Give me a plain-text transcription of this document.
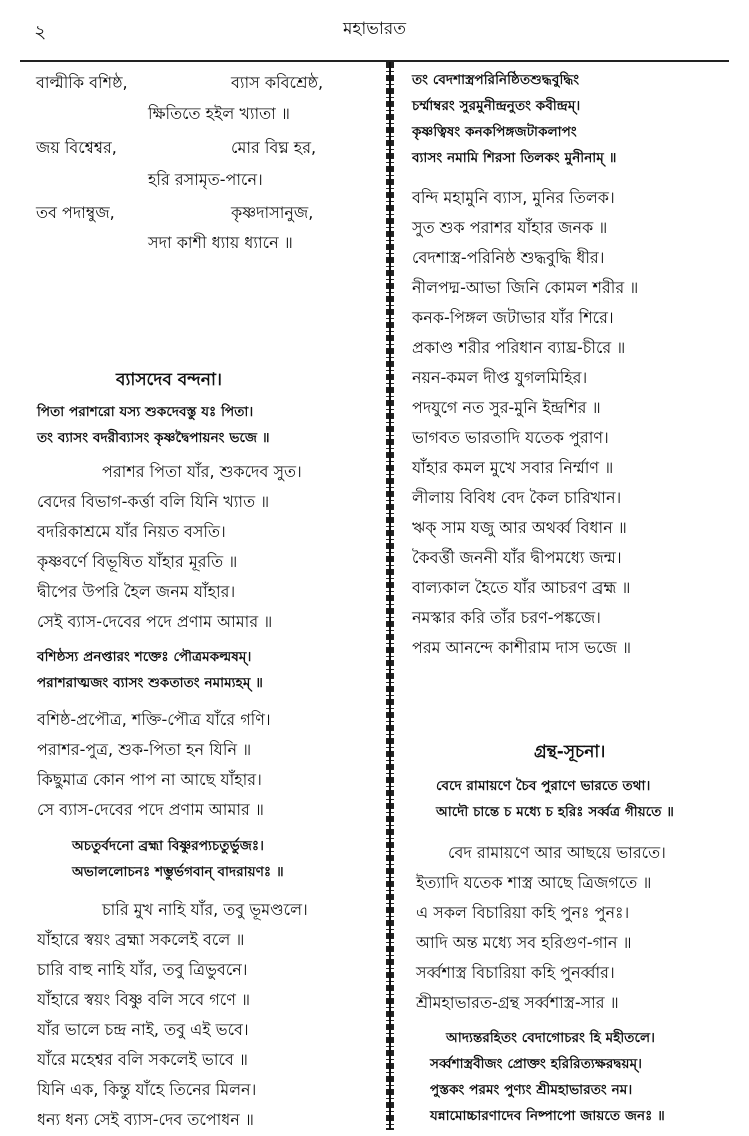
২	মহাভারত
বাল্মীকি বশিষ্ঠ,	ব্যাস কবিশ্রেষ্ঠ,
ক্ষিতিতে হইল খ্যাতা ॥
জয় বিশ্বেশ্বর,	মোর বিঘ্ন হর,
হরি রসামৃত-পানে।
তব পদাম্বুজ,	কৃষ্ণদাসানুজ,
সদা কাশী ধ্যায় ধ্যানে ॥
ব্যাসদেব বন্দনা।
পিতা পরাশরো যস্য শুকদেবস্তু যঃ পিতা।
তং ব্যাসং বদরীব্যাসং কৃষ্ণদ্বৈপায়নং ভজে ॥
পরাশর পিতা যাঁর, শুকদেব সুত।
বেদের বিভাগ-কর্ত্তা বলি যিনি খ্যাত ॥
বদরিকাশ্রমে যাঁর নিয়ত বসতি।
কৃষ্ণবর্ণে বিভূষিত যাঁহার মূরতি ॥
দ্বীপের উপরি হৈল জনম যাঁহার।
সেই ব্যাস-দেবের পদে প্রণাম আমার ॥
বশিষ্ঠস্য প্রনপ্তারং শক্তেঃ পৌত্রমকল্মষম্।
পরাশরাত্মজং ব্যাসং শুকতাতং নমাম্যহম্ ॥
বশিষ্ঠ-প্রপৌত্র, শক্তি-পৌত্র যাঁরে গণি।
পরাশর-পুত্র, শুক-পিতা হন যিনি ॥
কিছুমাত্র কোন পাপ না আছে যাঁহার।
সে ব্যাস-দেবের পদে প্রণাম আমার ॥
অচতুর্বদনো ব্রহ্মা বিষ্ণুরপ্যচতুর্ভুজঃ।
অভাললোচনঃ শম্ভুর্ভগবান্ বাদরায়ণঃ ॥
চারি মুখ নাহি যাঁর, তবু ভূমণ্ডলে।
যাঁহারে স্বয়ং ব্রহ্মা সকলেই বলে ॥
চারি বাহু নাহি যাঁর, তবু ত্রিভুবনে।
যাঁহারে স্বয়ং বিষ্ণু বলি সবে গণে ॥
যাঁর ভালে চন্দ্র নাই, তবু এই ভবে।
যাঁরে মহেশ্বর বলি সকলেই ভাবে ॥
যিনি এক, কিন্তু যাঁহে তিনের মিলন।
ধন্য ধন্য সেই ব্যাস-দেব তপোধন ॥
তং বেদশাস্ত্রপরিনিষ্ঠিতশুদ্ধবুদ্ধিং
চর্ম্মাম্বরং সুরমুনীন্দ্রনুতং কবীন্দ্রম্।
কৃষ্ণত্বিষং কনকপিঙ্গজটাকলাপং
ব্যাসং নমামি শিরসা তিলকং মুনীনাম্ ॥
বন্দি মহামুনি ব্যাস, মুনির তিলক।
সুত শুক পরাশর যাঁহার জনক ॥
বেদশাস্ত্র-পরিনিষ্ঠ শুদ্ধবুদ্ধি ধীর।
নীলপদ্ম-আভা জিনি কোমল শরীর ॥
কনক-পিঙ্গল জটাভার যাঁর শিরে।
প্রকাণ্ড শরীর পরিধান ব্যাঘ্র-চীরে ॥
নয়ন-কমল দীপ্ত যুগলমিহির।
পদযুগে নত সুর-মুনি ইন্দ্রশির ॥
ভাগবত ভারতাদি যতেক পুরাণ।
যাঁহার কমল মুখে সবার নির্ম্মাণ ॥
লীলায় বিবিধ বেদ কৈল চারিখান।
ঋক্ সাম যজু আর অথর্ব্ব বিধান ॥
কৈবর্ত্তী জননী যাঁর দ্বীপমধ্যে জন্ম।
বাল্যকাল হৈতে যাঁর আচরণ ব্রহ্ম ॥
নমস্কার করি তাঁর চরণ-পঙ্কজে।
পরম আনন্দে কাশীরাম দাস ভজে ॥
গ্রন্থ-সূচনা।
বেদে রামায়ণে চৈব পুরাণে ভারতে তথা।
আদৌ চান্তে চ মধ্যে চ হরিঃ সর্ব্বত্র গীয়তে ॥
বেদ রামায়ণে আর আছয়ে ভারতে।
ইত্যাদি যতেক শাস্ত্র আছে ত্রিজগতে ॥
এ সকল বিচারিয়া কহি পুনঃ পুনঃ।
আদি অন্ত মধ্যে সব হরিগুণ-গান ॥
সর্ব্বশাস্ত্র বিচারিয়া কহি পুনর্ব্বার।
শ্রীমহাভারত-গ্রন্থ সর্ব্বশাস্ত্র-সার ॥
আদ্যন্তরহিতং বেদাগোচরং হি মহীতলে।
সর্ব্বশাস্ত্রবীজং প্রোক্তং হরিরিত্যক্ষরদ্বয়ম্।
পুস্তকং পরমং পুণ্যং শ্রীমহাভারতং নম।
যন্নামোচ্চারণাদেব নিষ্পাপো জায়তে জনঃ ॥
